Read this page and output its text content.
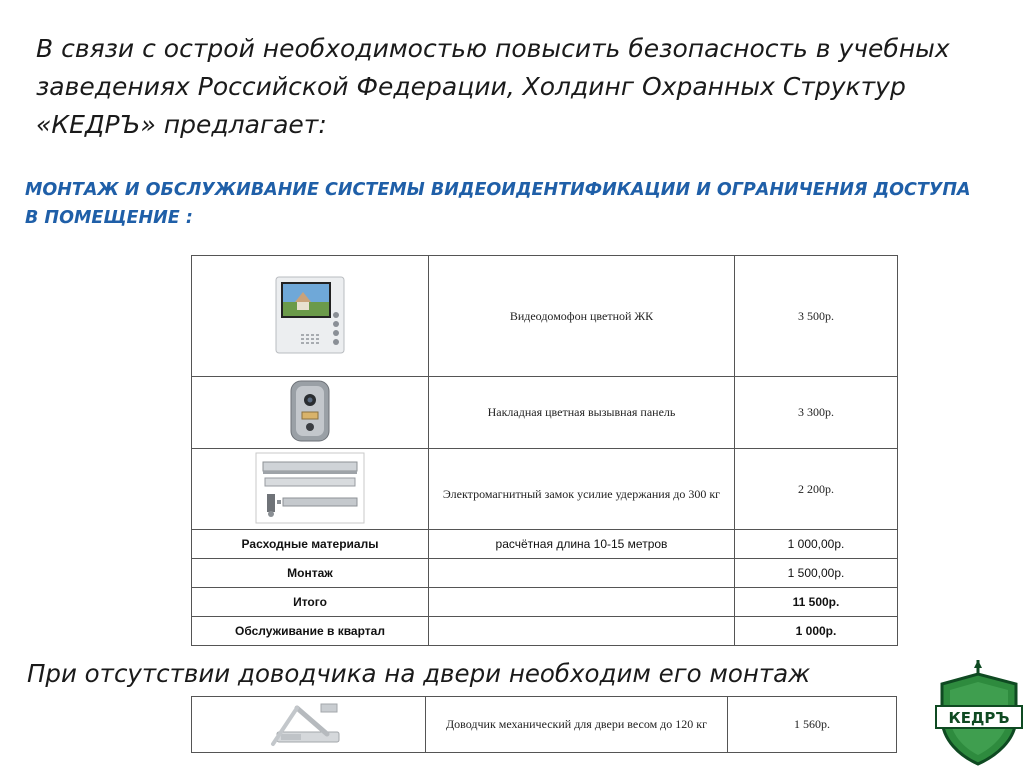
В связи с острой необходимостью повысить безопасность в учебных заведениях Российской Федерации, Холдинг Охранных Структур «КЕДРЪ» предлагает:
МОНТАЖ И ОБСЛУЖИВАНИЕ СИСТЕМЫ ВИДЕОИДЕНТИФИКАЦИИ И ОГРАНИЧЕНИЯ ДОСТУПА В ПОМЕЩЕНИЕ :
	Видеодомофон цветной ЖК	3 500р.
	Накладная цветная вызывная панель	3 300р.
	Электромагнитный замок усилие удержания до 300 кг	2 200р.
Расходные материалы	расчётная длина 10-15 метров	1 000,00р.
Монтаж		1 500,00р.
Итого		11 500р.
Обслуживание в квартал		1 000р.
При отсутствии доводчика на двери необходим его монтаж
	Доводчик механический для двери весом до 120 кг	1 560р.	КЕДРЪ
